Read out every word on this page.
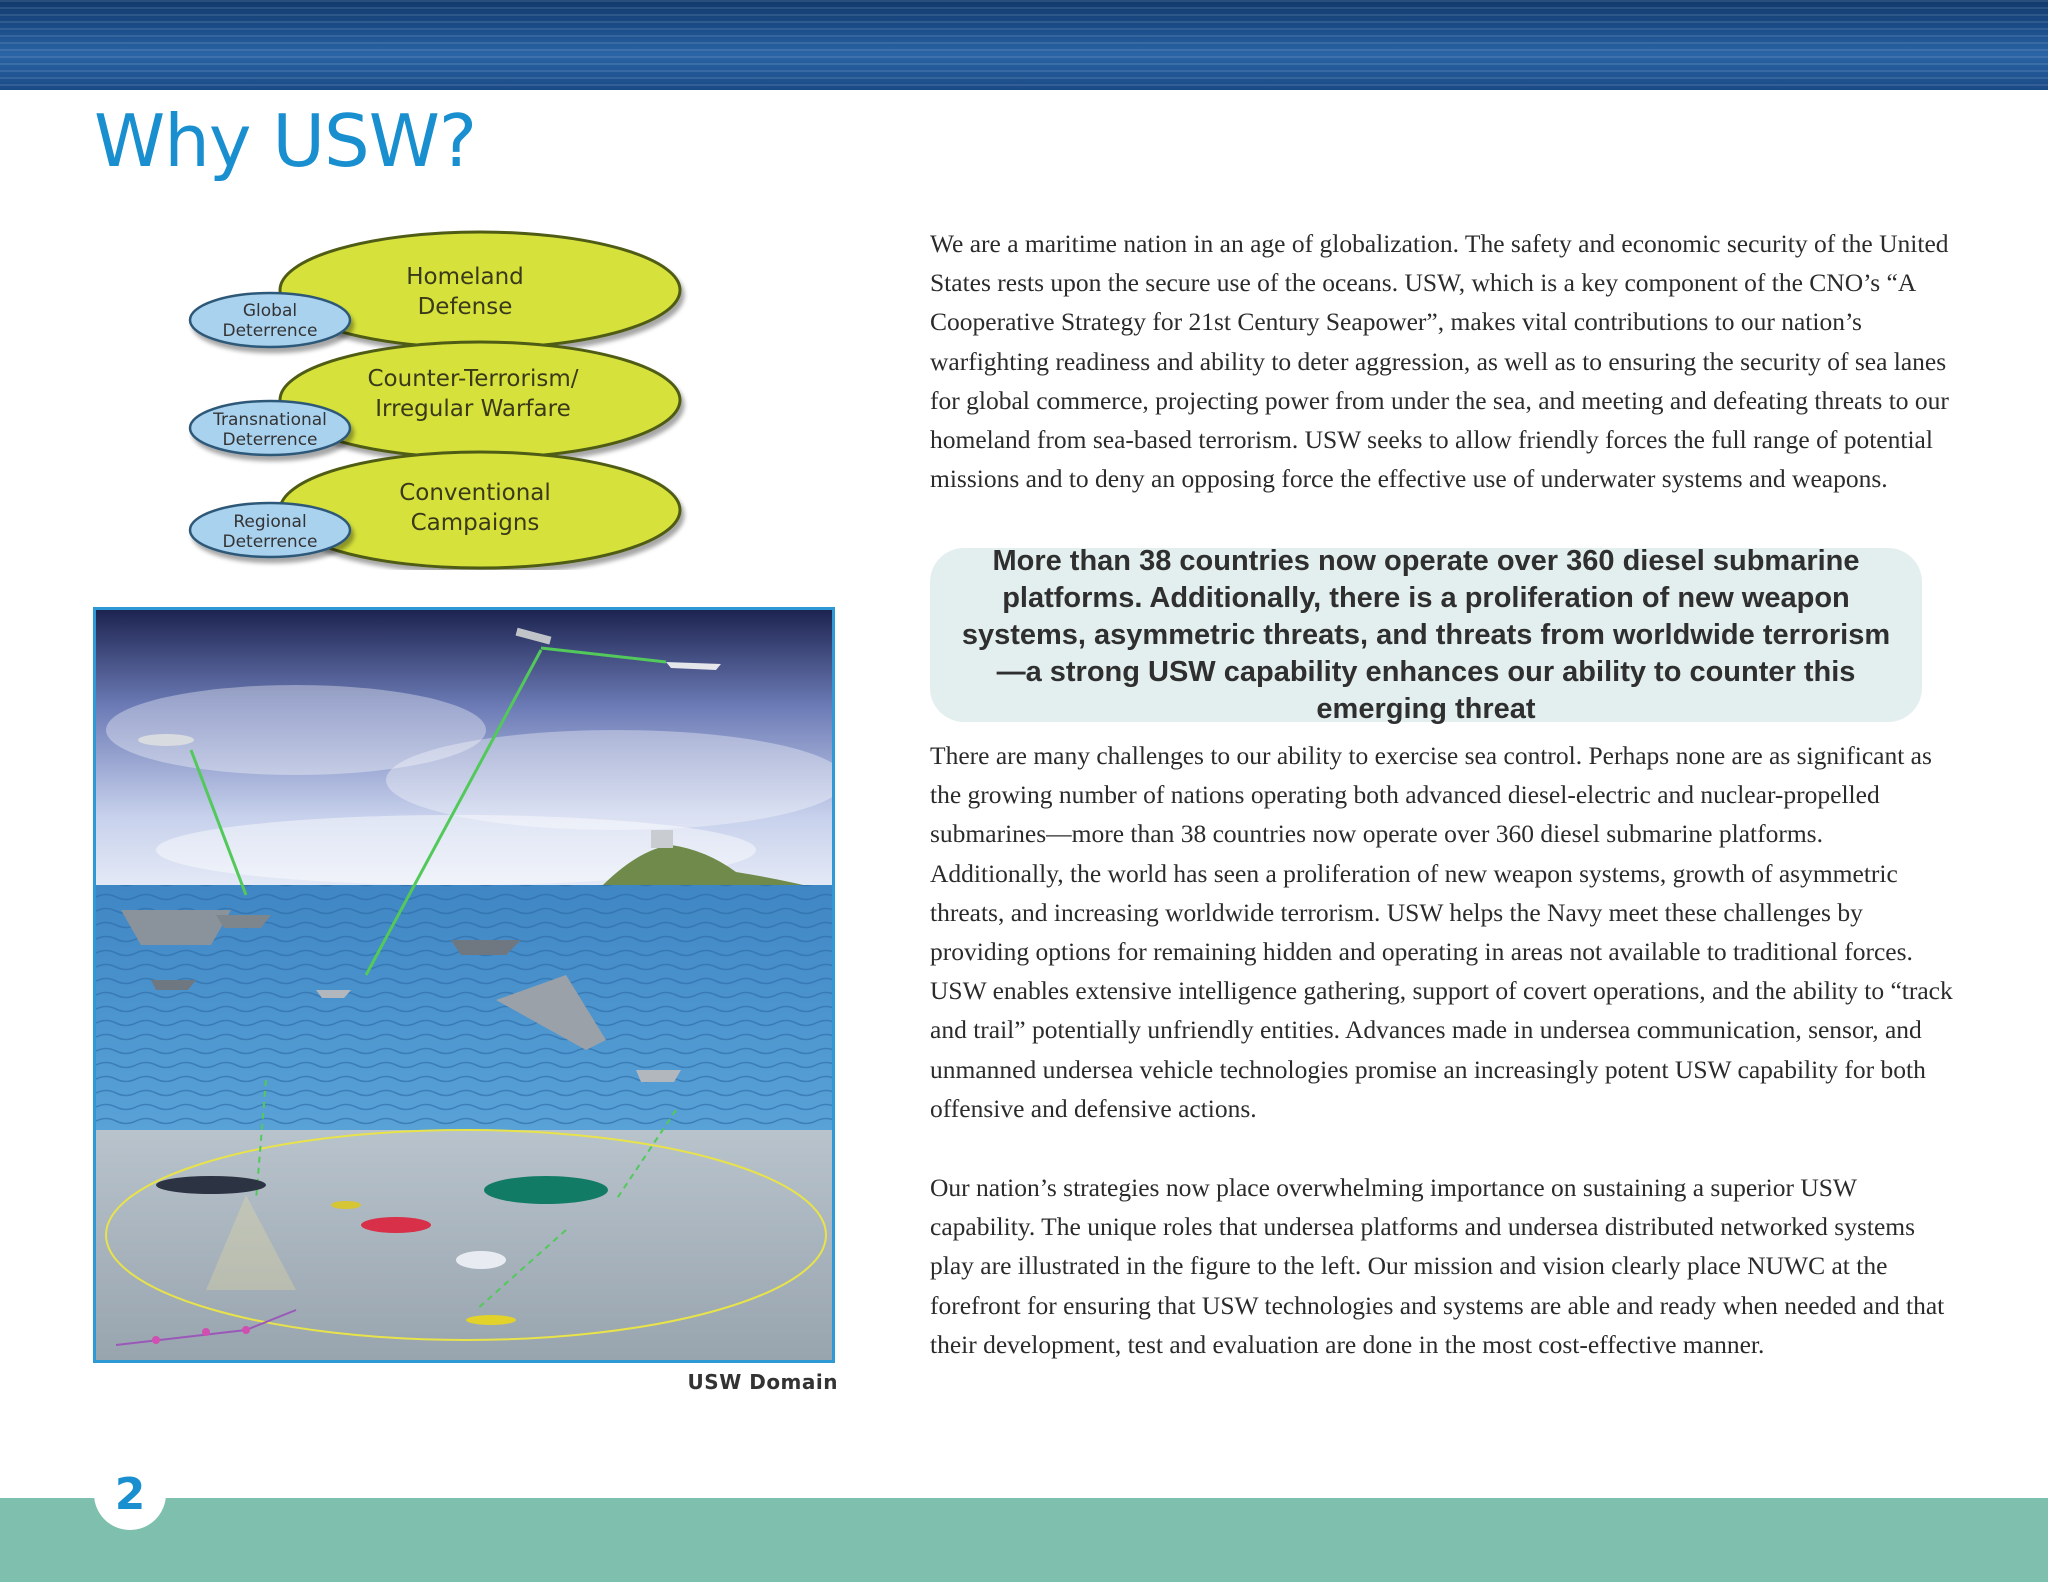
Why USW?
Homeland
Defense
Global
Deterrence
Counter-Terrorism/
Irregular Warfare
Transnational
Deterrence
Conventional
Campaigns
Regional
Deterrence
USW Domain

We are a maritime nation in an age of globalization. The safety and economic security of the United States rests upon the secure use of the oceans. USW, which is a key component of the CNO’s “A Cooperative Strategy for 21st Century Seapower”, makes vital contributions to our nation’s warfighting readiness and ability to deter aggression, as well as to ensuring the security of sea lanes for global commerce, projecting power from under the sea, and meeting and defeating threats to our homeland from sea-based terrorism. USW seeks to allow friendly forces the full range of potential missions and to deny an opposing force the effective use of underwater systems and weapons.

More than 38 countries now operate over 360 diesel submarine platforms. Additionally, there is a proliferation of new weapon systems, asymmetric threats, and threats from worldwide terrorism—a strong USW capability enhances our ability to counter this emerging threat

There are many challenges to our ability to exercise sea control. Perhaps none are as significant as the growing number of nations operating both advanced diesel-electric and nuclear-propelled submarines—more than 38 countries now operate over 360 diesel submarine platforms. Additionally, the world has seen a proliferation of new weapon systems, growth of asymmetric threats, and increasing worldwide terrorism. USW helps the Navy meet these challenges by providing options for remaining hidden and operating in areas not available to traditional forces. USW enables extensive intelligence gathering, support of covert operations, and the ability to “track and trail” potentially unfriendly entities. Advances made in undersea communication, sensor, and unmanned undersea vehicle technologies promise an increasingly potent USW capability for both offensive and defensive actions.

Our nation’s strategies now place overwhelming importance on sustaining a superior USW capability. The unique roles that undersea platforms and undersea distributed networked systems play are illustrated in the figure to the left. Our mission and vision clearly place NUWC at the forefront for ensuring that USW technologies and systems are able and ready when needed and that their development, test and evaluation are done in the most cost-effective manner.

2
